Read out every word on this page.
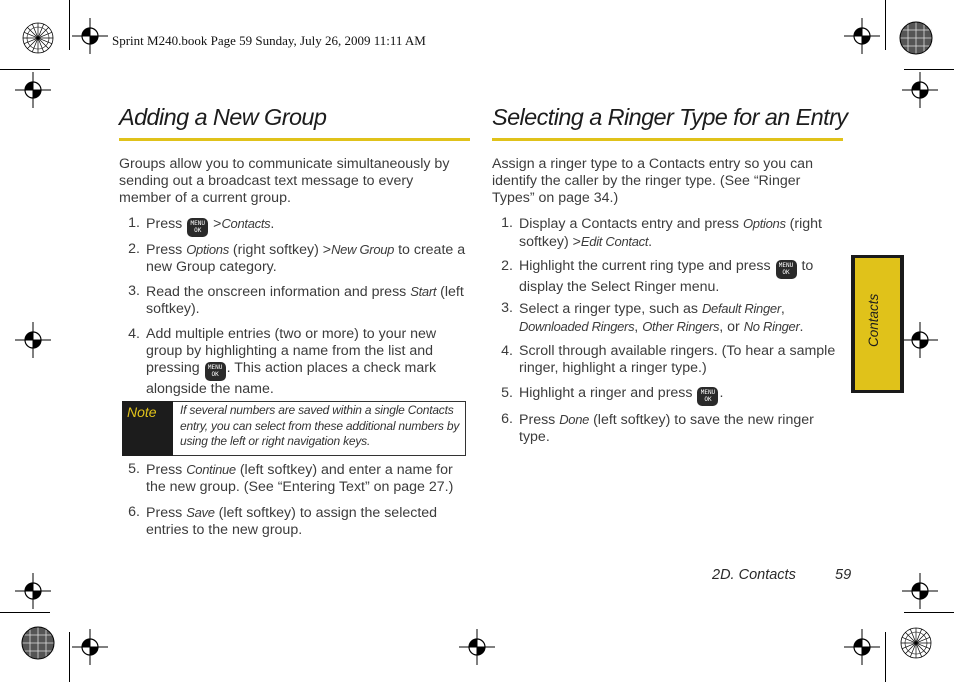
Sprint M240.book Page 59 Sunday, July 26, 2009 11:11 AM
Adding a New Group
Groups allow you to communicate simultaneously by sending out a broadcast text message to every member of a current group.
1. Press	MENU
OK >Contacts.
2. Press Options (right softkey) >New Group to create a new Group category.
3. Read the onscreen information and press Start (left softkey).
4. Add multiple entries (two or more) to your new group by highlighting a name from the list and pressing	MENU
OK . This action places a check mark alongside the name.
Note If several numbers are saved within a single Contacts entry, you can select from these additional numbers by using the left or right navigation keys.
5. Press Continue (left softkey) and enter a name for the new group. (See “Entering Text” on page 27.)
6. Press Save (left softkey) to assign the selected entries to the new group.
Selecting a Ringer Type for an Entry
Assign a ringer type to a Contacts entry so you can identify the caller by the ringer type. (See “Ringer Types” on page 34.)
1. Display a Contacts entry and press Options (right softkey) >Edit Contact.
2. Highlight the current ring type and press	MENU
OK to display the Select Ringer menu.
3. Select a ringer type, such as Default Ringer, Downloaded Ringers, Other Ringers, or No Ringer.
4. Scroll through available ringers. (To hear a sample ringer, highlight a ringer type.)
5. Highlight a ringer and press	MENU
OK .
6. Press Done (left softkey) to save the new ringer type.
Contacts
2D. Contacts	59
